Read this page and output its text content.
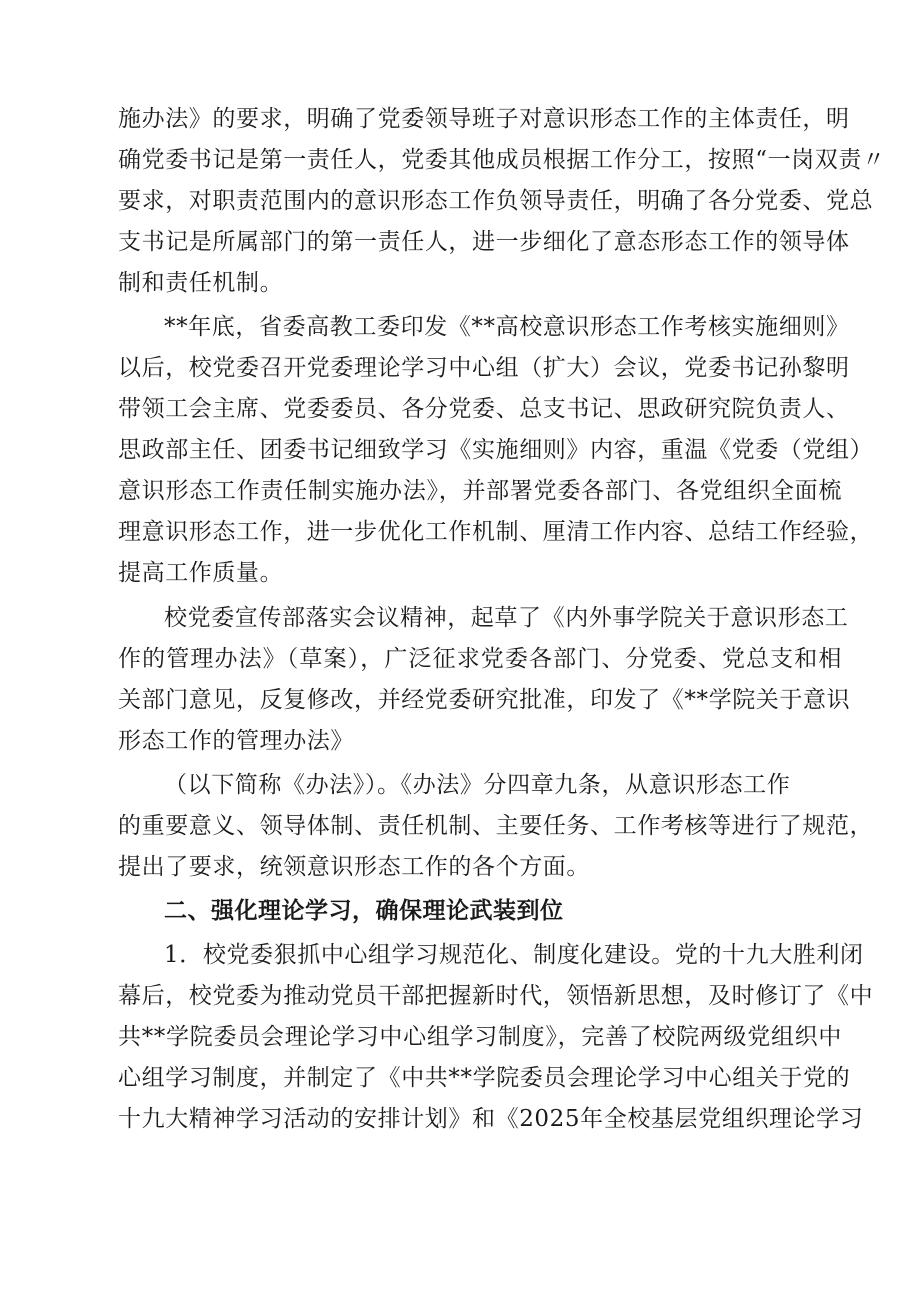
施办法》的要求，明确了党委领导班子对意识形态工作的主体责任，明
确党委书记是第一责任人，党委其他成员根据工作分工，按照“一岗双责〃
要求，对职责范围内的意识形态工作负领导责任，明确了各分党委、党总
支书记是所属部门的第一责任人，进一步细化了意态形态工作的领导体
制和责任机制。
**年底，省委高教工委印发《**高校意识形态工作考核实施细则》
以后，校党委召开党委理论学习中心组（扩大）会议，党委书记孙黎明
带领工会主席、党委委员、各分党委、总支书记、思政研究院负责人、
思政部主任、团委书记细致学习《实施细则》内容，重温《党委（党组）
意识形态工作责任制实施办法》，并部署党委各部门、各党组织全面梳
理意识形态工作，进一步优化工作机制、厘清工作内容、总结工作经验，
提高工作质量。
校党委宣传部落实会议精神，起草了《内外事学院关于意识形态工
作的管理办法》（草案），广泛征求党委各部门、分党委、党总支和相
关部门意见，反复修改，并经党委研究批准，印发了《**学院关于意识
形态工作的管理办法》
（以下简称《办法》）。《办法》分四章九条，从意识形态工作
的重要意义、领导体制、责任机制、主要任务、工作考核等进行了规范，
提出了要求，统领意识形态工作的各个方面。
二、强化理论学习，确保理论武装到位
1．校党委狠抓中心组学习规范化、制度化建设。党的十九大胜利闭
幕后，校党委为推动党员干部把握新时代，领悟新思想，及时修订了《中
共**学院委员会理论学习中心组学习制度》，完善了校院两级党组织中
心组学习制度，并制定了《中共**学院委员会理论学习中心组关于党的
十九大精神学习活动的安排计划》和《2025年全校基层党组织理论学习
